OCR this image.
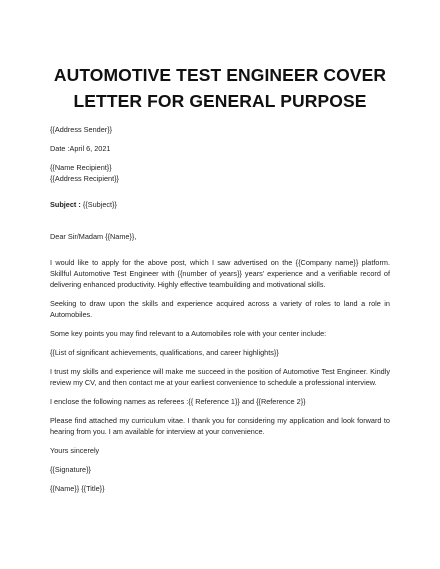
AUTOMOTIVE TEST ENGINEER COVER
LETTER FOR GENERAL PURPOSE
{{Address Sender}}
Date :April 6, 2021
{{Name Recipient}}
{{Address Recipient}}
Subject : {{Subject}}
Dear Sir/Madam {{Name}},
I would like to apply for the above post, which I saw advertised on the {{Company name}} platform.
Skillful Automotive Test Engineer with {{number of years}} years' experience and a verifiable record of
delivering enhanced productivity. Highly effective teambuilding and motivational skills.
Seeking to draw upon the skills and experience acquired across a variety of roles to land a role in
Automobiles.
Some key points you may find relevant to a Automobiles role with your center include:
{{List of significant achievements, qualifications, and career highlights}}
I trust my skills and experience will make me succeed in the position of Automotive Test Engineer. Kindly
review my CV, and then contact me at your earliest convenience to schedule a professional interview.
I enclose the following names as referees :{{ Reference 1}} and {{Reference 2}}
Please find attached my curriculum vitae. I thank you for considering my application and look forward to
hearing from you. I am available for interview at your convenience.
Yours sincerely
{{Signature}}
{{Name}} {{Title}}
